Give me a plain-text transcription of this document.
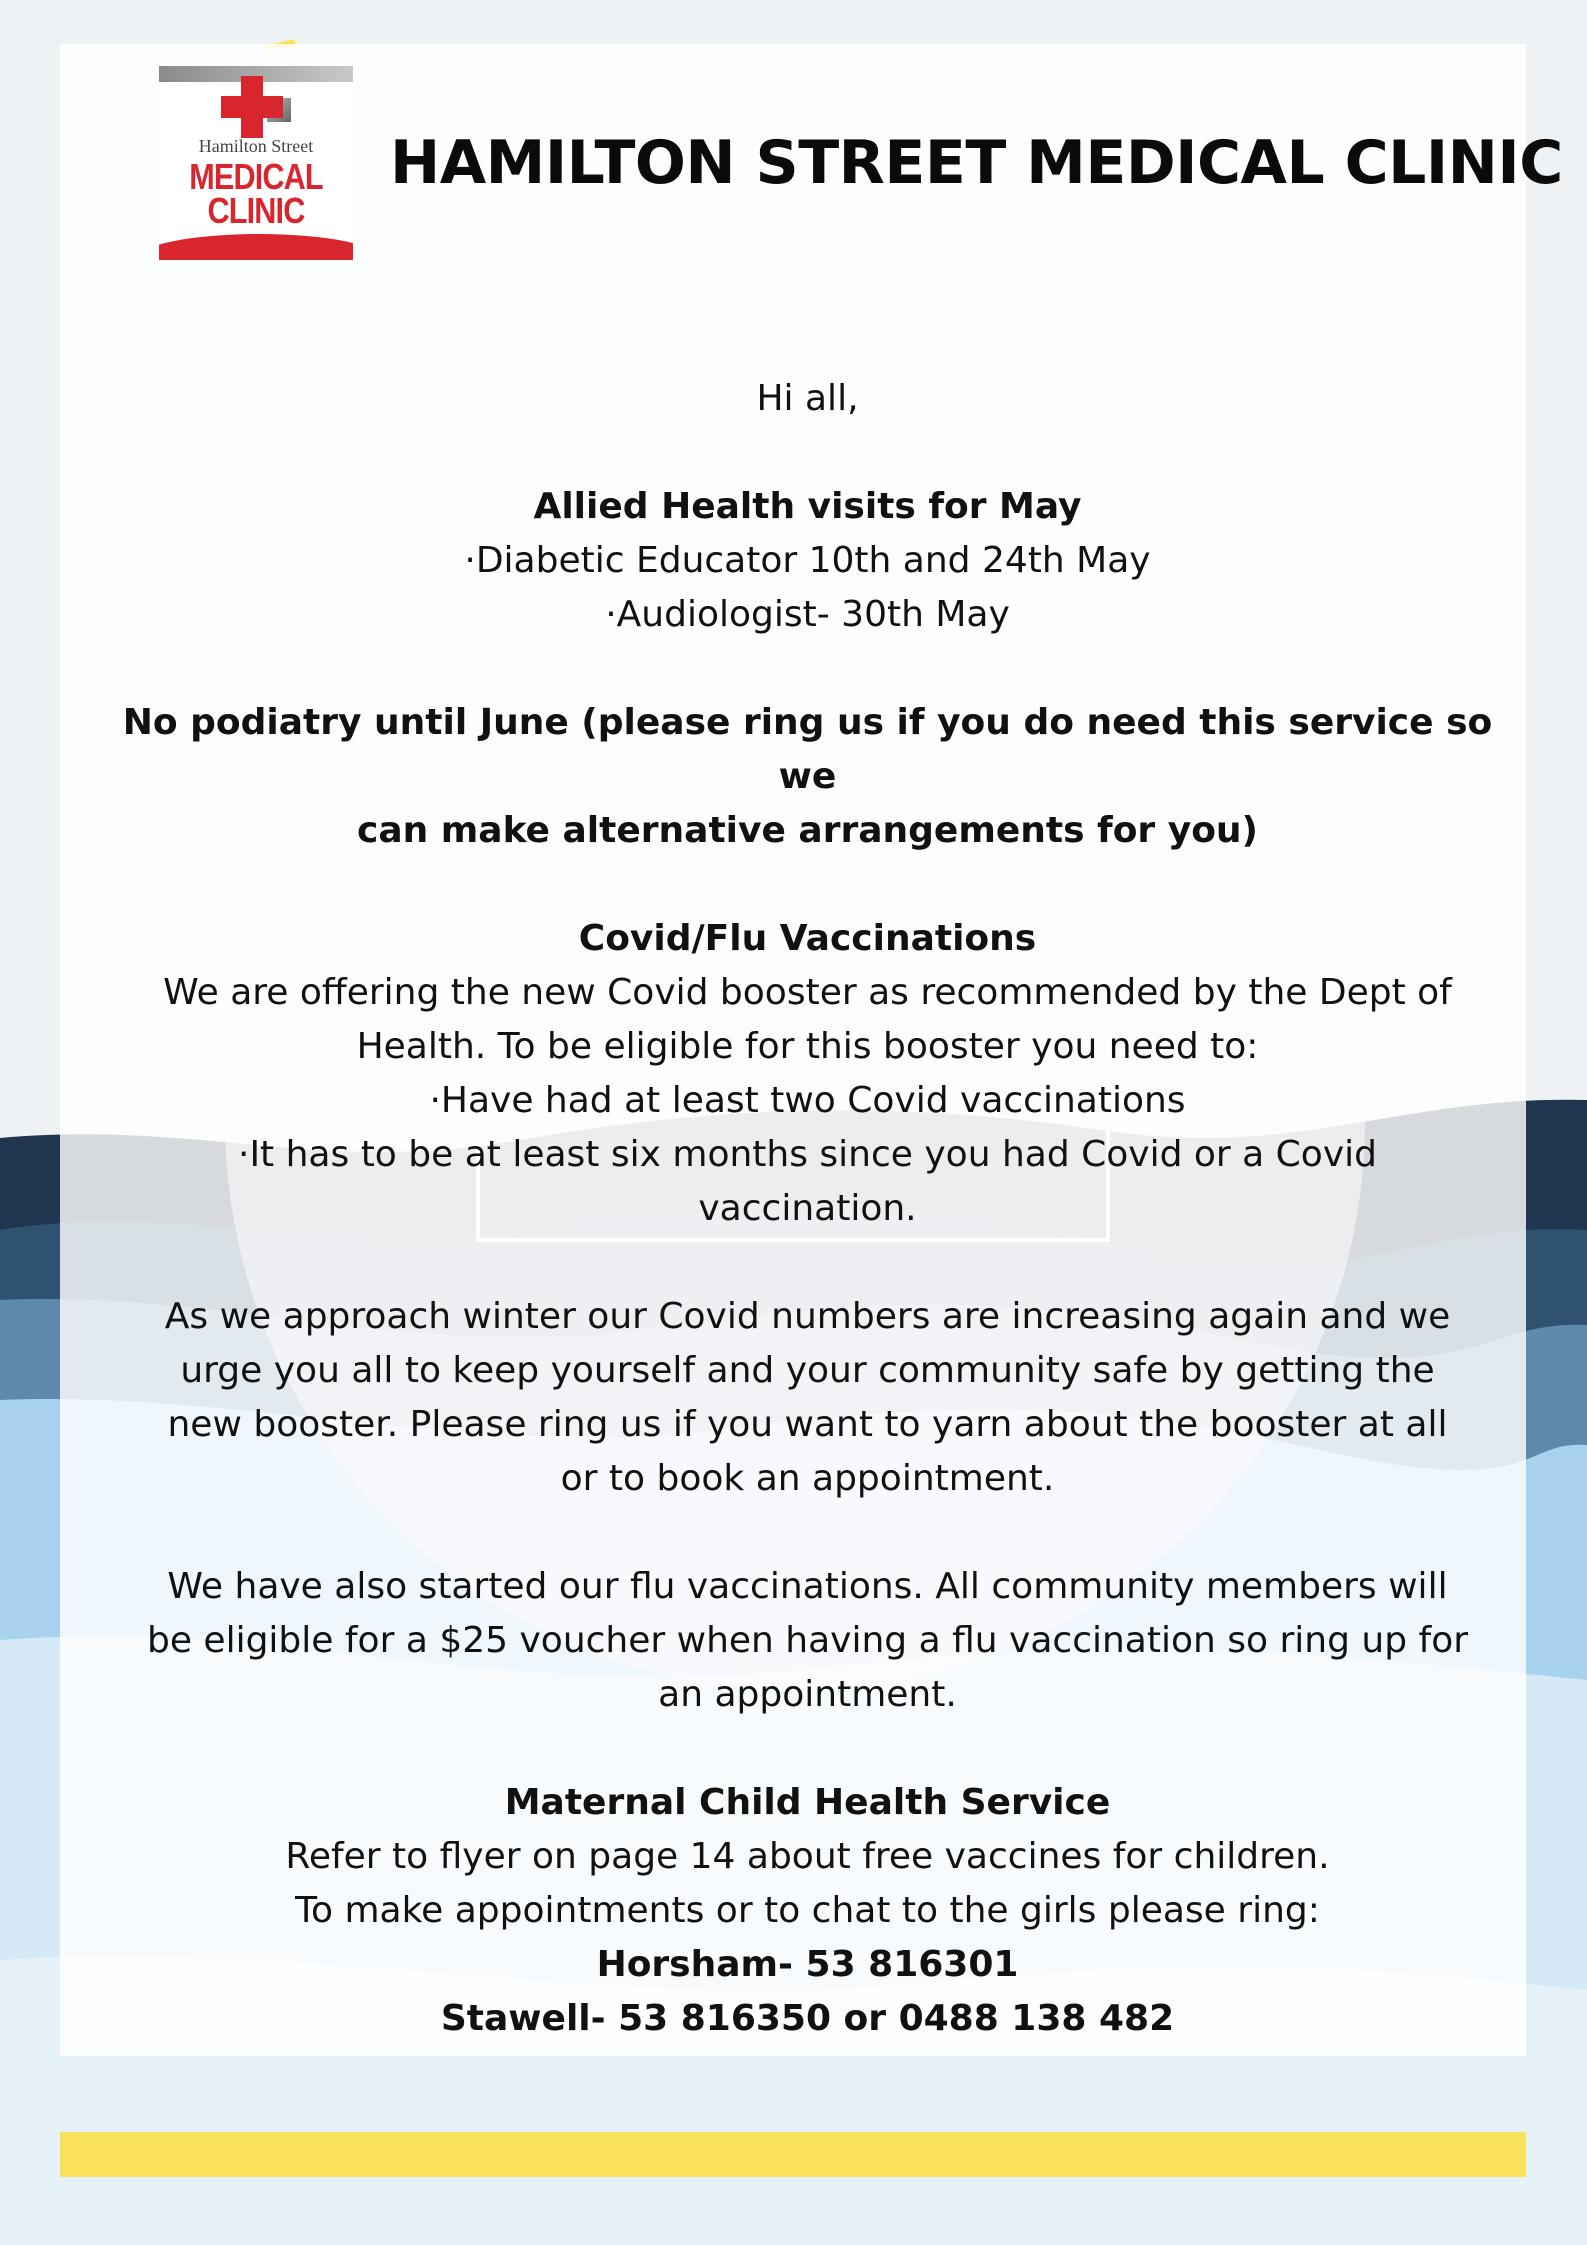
Hamilton Street
MEDICAL
CLINIC
HAMILTON STREET MEDICAL CLINIC

Hi all,

Allied Health visits for May

·Diabetic Educator 10th and 24th May

·Audiologist- 30th May

No podiatry until June (please ring us if you do need this service so we

can make alternative arrangements for you)

Covid/Flu Vaccinations

We are offering the new Covid booster as recommended by the Dept of

Health. To be eligible for this booster you need to:

·Have had at least two Covid vaccinations

·It has to be at least six months since you had Covid or a Covid

vaccination.

As we approach winter our Covid numbers are increasing again and we

urge you all to keep yourself and your community safe by getting the

new booster. Please ring us if you want to yarn about the booster at all

or to book an appointment.

We have also started our flu vaccinations. All community members will

be eligible for a $25 voucher when having a flu vaccination so ring up for

an appointment.

Maternal Child Health Service

Refer to flyer on page 14 about free vaccines for children.

To make appointments or to chat to the girls please ring:

Horsham- 53 816301

Stawell- 53 816350 or 0488 138 482
